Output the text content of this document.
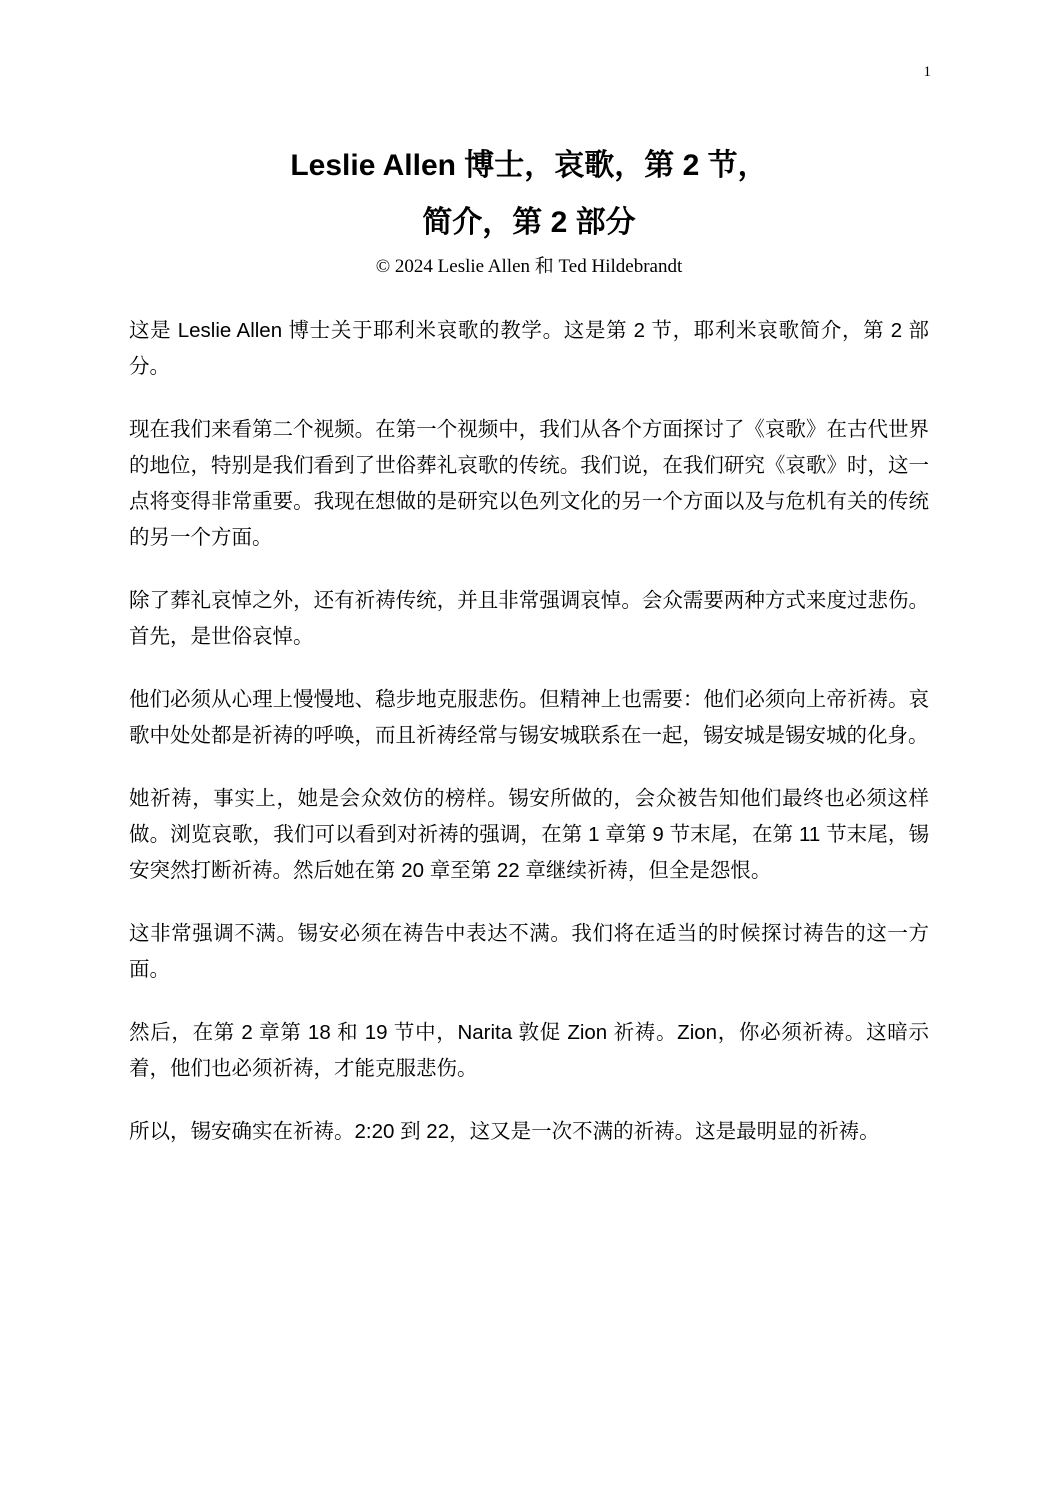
1
Leslie Allen 博士，哀歌，第 2 节，
简介，第 2 部分
© 2024 Leslie Allen 和 Ted Hildebrandt

这是 Leslie Allen 博士关于耶利米哀歌的教学。这是第 2 节，耶利米哀歌简介，第 2 部分。

现在我们来看第二个视频。在第一个视频中，我们从各个方面探讨了《哀歌》在古代世界的地位，特别是我们看到了世俗葬礼哀歌的传统。我们说，在我们研究《哀歌》时，这一点将变得非常重要。我现在想做的是研究以色列文化的另一个方面以及与危机有关的传统的另一个方面。

除了葬礼哀悼之外，还有祈祷传统，并且非常强调哀悼。会众需要两种方式来度过悲伤。首先，是世俗哀悼。

他们必须从心理上慢慢地、稳步地克服悲伤。但精神上也需要：他们必须向上帝祈祷。哀歌中处处都是祈祷的呼唤，而且祈祷经常与锡安城联系在一起，锡安城是锡安城的化身。

她祈祷，事实上，她是会众效仿的榜样。锡安所做的，会众被告知他们最终也必须这样做。浏览哀歌，我们可以看到对祈祷的强调，在第 1 章第 9 节末尾，在第 11 节末尾，锡安突然打断祈祷。然后她在第 20 章至第 22 章继续祈祷，但全是怨恨。

这非常强调不满。锡安必须在祷告中表达不满。我们将在适当的时候探讨祷告的这一方面。

然后，在第 2 章第 18 和 19 节中，Narita 敦促 Zion 祈祷。Zion，你必须祈祷。这暗示着，他们也必须祈祷，才能克服悲伤。

所以，锡安确实在祈祷。2:20 到 22，这又是一次不满的祈祷。这是最明显的祈祷。
